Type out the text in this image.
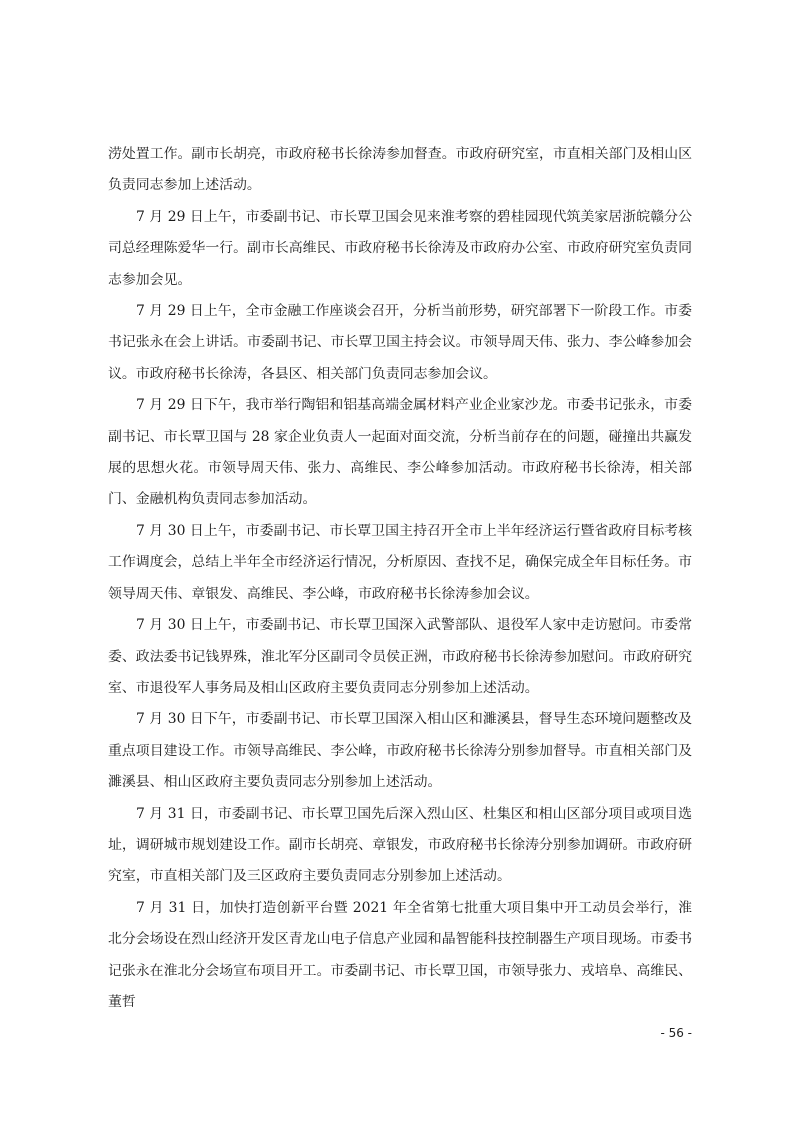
涝处置工作。副市长胡亮，市政府秘书长徐涛参加督查。市政府研究室，市直相关部门及相山区负责同志参加上述活动。

7 月 29 日上午，市委副书记、市长覃卫国会见来淮考察的碧桂园现代筑美家居浙皖赣分公司总经理陈爱华一行。副市长高维民、市政府秘书长徐涛及市政府办公室、市政府研究室负责同志参加会见。

7 月 29 日上午，全市金融工作座谈会召开，分析当前形势，研究部署下一阶段工作。市委书记张永在会上讲话。市委副书记、市长覃卫国主持会议。市领导周天伟、张力、李公峰参加会议。市政府秘书长徐涛，各县区、相关部门负责同志参加会议。

7 月 29 日下午，我市举行陶铝和铝基高端金属材料产业企业家沙龙。市委书记张永，市委副书记、市长覃卫国与 28 家企业负责人一起面对面交流，分析当前存在的问题，碰撞出共赢发展的思想火花。市领导周天伟、张力、高维民、李公峰参加活动。市政府秘书长徐涛，相关部门、金融机构负责同志参加活动。

7 月 30 日上午，市委副书记、市长覃卫国主持召开全市上半年经济运行暨省政府目标考核工作调度会，总结上半年全市经济运行情况，分析原因、查找不足，确保完成全年目标任务。市领导周天伟、章银发、高维民、李公峰，市政府秘书长徐涛参加会议。

7 月 30 日上午，市委副书记、市长覃卫国深入武警部队、退役军人家中走访慰问。市委常委、政法委书记钱界殊，淮北军分区副司令员侯正洲，市政府秘书长徐涛参加慰问。市政府研究室、市退役军人事务局及相山区政府主要负责同志分别参加上述活动。

7 月 30 日下午，市委副书记、市长覃卫国深入相山区和濉溪县，督导生态环境问题整改及重点项目建设工作。市领导高维民、李公峰，市政府秘书长徐涛分别参加督导。市直相关部门及濉溪县、相山区政府主要负责同志分别参加上述活动。

7 月 31 日，市委副书记、市长覃卫国先后深入烈山区、杜集区和相山区部分项目或项目选址，调研城市规划建设工作。副市长胡亮、章银发，市政府秘书长徐涛分别参加调研。市政府研究室，市直相关部门及三区政府主要负责同志分别参加上述活动。

7 月 31 日，加快打造创新平台暨 2021 年全省第七批重大项目集中开工动员会举行，淮北分会场设在烈山经济开发区青龙山电子信息产业园和晶智能科技控制器生产项目现场。市委书记张永在淮北分会场宣布项目开工。市委副书记、市长覃卫国，市领导张力、戎培阜、高维民、董哲

- 56 -
